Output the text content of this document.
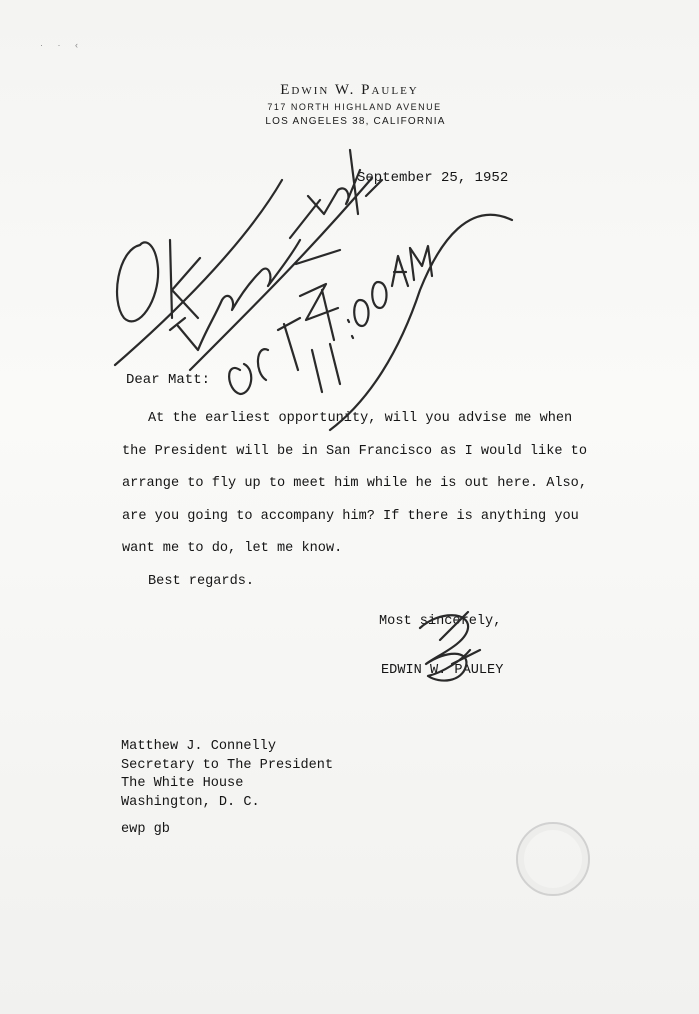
· · ‹
Edwin W. Pauley
717 NORTH HIGHLAND AVENUE
LOS ANGELES 38, CALIFORNIA
September 25, 1952
Dear Matt:

At the earliest opportunity, will you advise me when

the President will be in San Francisco as I would like to

arrange to fly up to meet him while he is out here. Also,

are you going to accompany him? If there is anything you

want me to do, let me know.

Best regards.

Most sincerely,
EDWIN W. PAULEY
Matthew J. Connelly
Secretary to The President
The White House
Washington, D. C.
ewp gb
